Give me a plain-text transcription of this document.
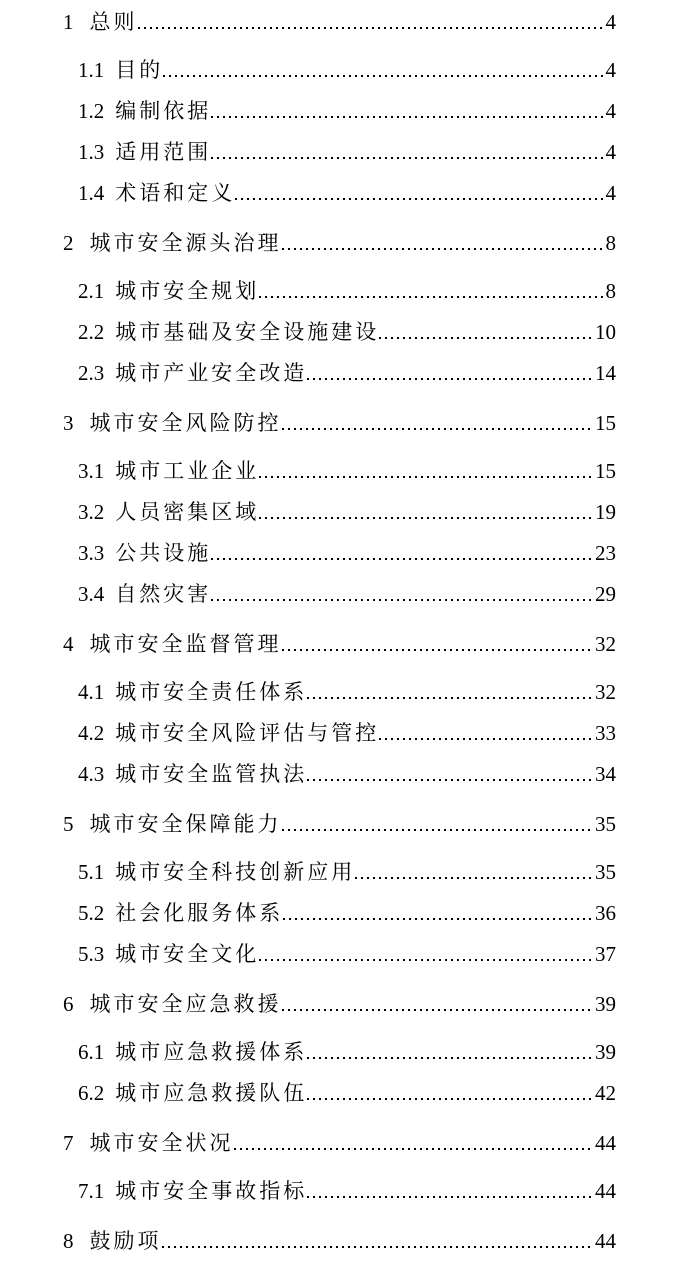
1 总则	4
1.1 目的	4
1.2 编制依据	4
1.3 适用范围	4
1.4 术语和定义	4
2 城市安全源头治理	8
2.1 城市安全规划	8
2.2 城市基础及安全设施建设	10
2.3 城市产业安全改造	14
3 城市安全风险防控	15
3.1 城市工业企业	15
3.2 人员密集区域	19
3.3 公共设施	23
3.4 自然灾害	29
4 城市安全监督管理	32
4.1 城市安全责任体系	32
4.2 城市安全风险评估与管控	33
4.3 城市安全监管执法	34
5 城市安全保障能力	35
5.1 城市安全科技创新应用	35
5.2 社会化服务体系	36
5.3 城市安全文化	37
6 城市安全应急救援	39
6.1 城市应急救援体系	39
6.2 城市应急救援队伍	42
7 城市安全状况	44
7.1 城市安全事故指标	44
8 鼓励项	44
